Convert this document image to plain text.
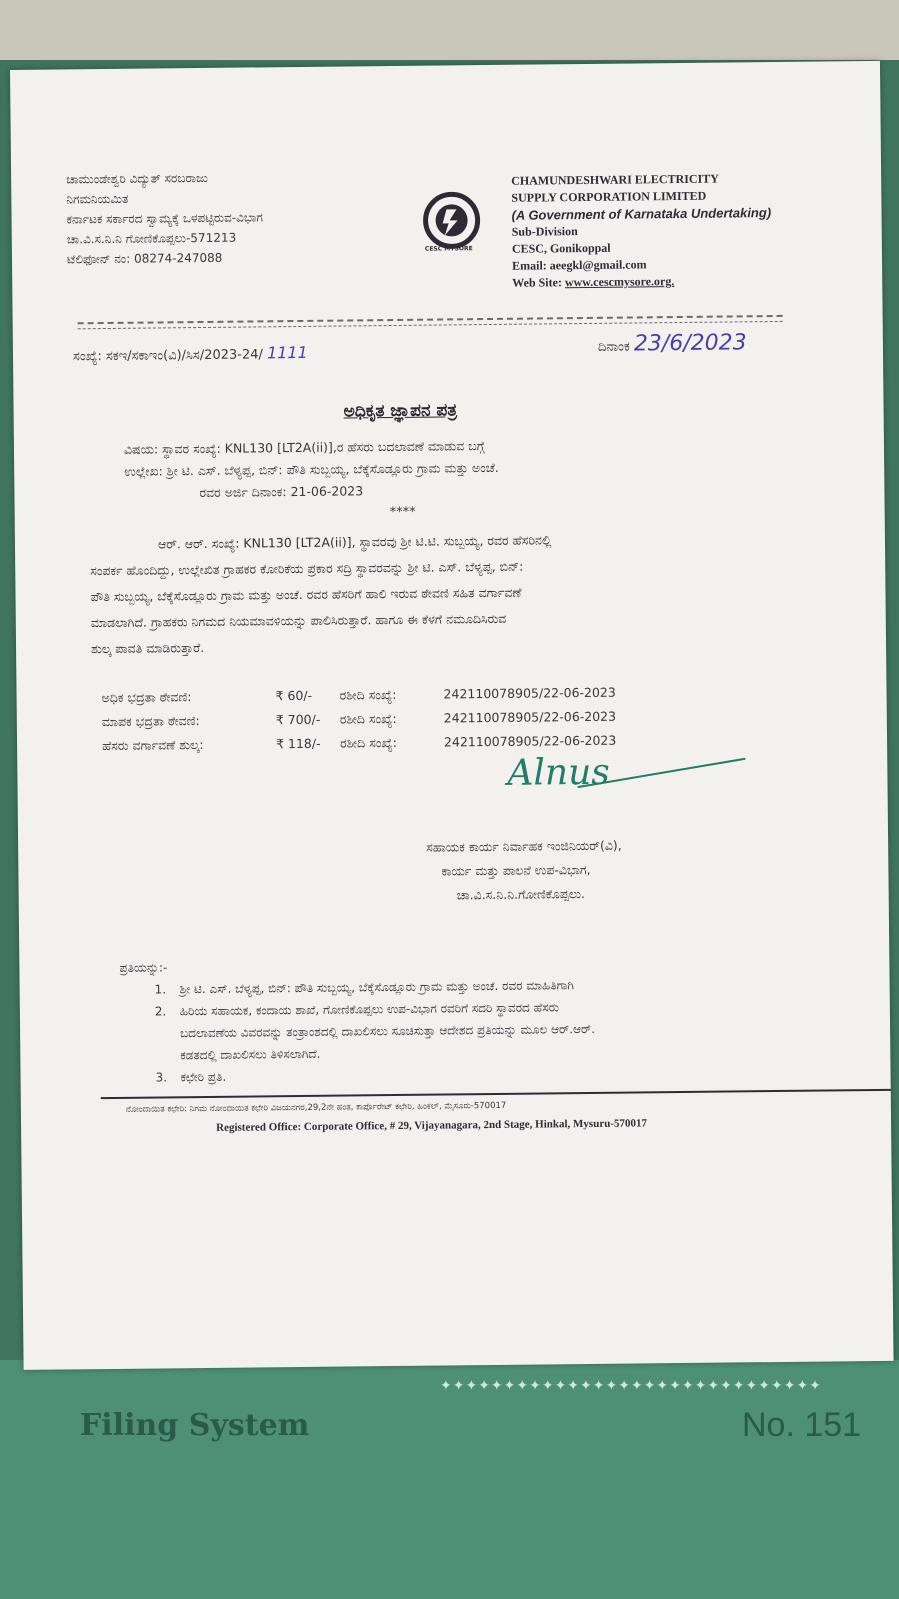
✦✦✦✦✦✦✦✦✦✦✦✦✦✦✦✦✦✦✦✦✦✦✦✦✦✦✦✦✦✦
Filing System	No. 151
ಚಾಮುಂಡೇಶ್ವರಿ ವಿದ್ಯುತ್ ಸರಬರಾಜು
ನಿಗಮನಿಯಮಿತ
ಕರ್ನಾಟಕ ಸರ್ಕಾರದ ಸ್ವಾಮ್ಯಕ್ಕೆ ಒಳಪಟ್ಟಿರುವ-ವಿಭಾಗ
ಚಾ.ವಿ.ಸ.ನಿ.ನಿ ಗೋಣಿಕೊಪ್ಪಲು-571213
ಟೆಲಿಫೋನ್ ನಂ: 08274-247088
CESC MYSORE
CHAMUNDESHWARI ELECTRICITY
SUPPLY CORPORATION LIMITED
(A Government of Karnataka Undertaking)
Sub-Division
CESC, Gonikoppal
Email: aeegkl@gmail.com
Web Site: www.cescmysore.org.
ಸಂಖ್ಯೆ: ಸಕಇ/ಸಕಾಇಂ(ವಿ)/ಸಿಸ/2023-24/ 1111	ದಿನಾಂಕ 23/6/2023
ಅಧಿಕೃತ ಜ್ಞಾಪನ ಪತ್ರ
ವಿಷಯ: ಸ್ಥಾವರ ಸಂಖ್ಯೆ: KNL130 [LT2A(ii)],ರ ಹೆಸರು ಬದಲಾವಣೆ ಮಾಡುವ ಬಗ್ಗೆ
ಉಲ್ಲೇಖ: ಶ್ರೀ ಟಿ. ಎಸ್. ಬೆಳ್ಯಪ್ಪ, ಬಿನ್: ಪೌತಿ ಸುಬ್ಬಯ್ಯ, ಬೆಕ್ಕೆಸೊಡ್ಲೂರು ಗ್ರಾಮ ಮತ್ತು ಅಂಚೆ.
ರವರ ಅರ್ಜಿ ದಿನಾಂಕ: 21-06-2023
****
ಆರ್. ಆರ್. ಸಂಖ್ಯೆ: KNL130 [LT2A(ii)], ಸ್ಥಾವರವು ಶ್ರೀ ಟಿ.ಟಿ. ಸುಬ್ಬಯ್ಯ, ರವರ ಹೆಸರಿನಲ್ಲಿ
ಸಂಪರ್ಕ ಹೊಂದಿದ್ದು, ಉಲ್ಲೇಖಿತ ಗ್ರಾಹಕರ ಕೋರಿಕೆಯ ಪ್ರಕಾರ ಸದ್ರಿ ಸ್ಥಾವರವನ್ನು ಶ್ರೀ ಟಿ. ಎಸ್. ಬೆಳ್ಯಪ್ಪ, ಬಿನ್:
ಪೌತಿ ಸುಬ್ಬಯ್ಯ, ಬೆಕ್ಕೆಸೊಡ್ಲೂರು ಗ್ರಾಮ ಮತ್ತು ಅಂಚೆ. ರವರ ಹೆಸರಿಗೆ ಹಾಲಿ ಇರುವ ಠೇವಣಿ ಸಹಿತ ವರ್ಗಾವಣೆ
ಮಾಡಲಾಗಿದೆ. ಗ್ರಾಹಕರು ನಿಗಮದ ನಿಯಮಾವಳಿಯನ್ನು ಪಾಲಿಸಿರುತ್ತಾರೆ. ಹಾಗೂ ಈ ಕೆಳಗೆ ನಮೂದಿಸಿರುವ
ಶುಲ್ಕ ಪಾವತಿ ಮಾಡಿರುತ್ತಾರೆ.
ಅಧಿಕ ಭದ್ರತಾ ಠೇವಣಿ:	₹ 60/- ರಶೀದಿ ಸಂಖ್ಯೆ:	242110078905/22-06-2023
ಮಾಪಕ ಭದ್ರತಾ ಠೇವಣಿ:	₹ 700/- ರಶೀದಿ ಸಂಖ್ಯೆ:	242110078905/22-06-2023
ಹೆಸರು ವರ್ಗಾವಣೆ ಶುಲ್ಕ:	₹ 118/- ರಶೀದಿ ಸಂಖ್ಯೆ:	242110078905/22-06-2023
Alnus
ಸಹಾಯಕ ಕಾರ್ಯ ನಿರ್ವಾಹಕ ಇಂಜಿನಿಯರ್(ವಿ),
ಕಾರ್ಯ ಮತ್ತು ಪಾಲನೆ ಉಪ-ವಿಭಾಗ,
ಚಾ.ವಿ.ಸ.ನಿ.ನಿ.ಗೋಣಿಕೊಪ್ಪಲು.
ಪ್ರತಿಯನ್ನು:-
1.	ಶ್ರೀ ಟಿ. ಎಸ್. ಬೆಳ್ಯಪ್ಪ, ಬಿನ್: ಪೌತಿ ಸುಬ್ಬಯ್ಯ, ಬೆಕ್ಕೆಸೊಡ್ಲೂರು ಗ್ರಾಮ ಮತ್ತು ಅಂಚೆ. ರವರ ಮಾಹಿತಿಗಾಗಿ
2.	ಹಿರಿಯ ಸಹಾಯಕ, ಕಂದಾಯ ಶಾಖೆ, ಗೋಣಿಕೊಪ್ಪಲು ಉಪ-ವಿಭಾಗ ರವರಿಗೆ ಸದರಿ ಸ್ಥಾವರದ ಹೆಸರು
ಬದಲಾವಣೆಯ ವಿವರವನ್ನು ತಂತ್ರಾಂಶದಲ್ಲಿ ದಾಖಲಿಸಲು ಸೂಚಿಸುತ್ತಾ ಆದೇಶದ ಪ್ರತಿಯನ್ನು ಮೂಲ ಆರ್.ಆರ್.
ಕಡತದಲ್ಲಿ ದಾಖಲಿಸಲು ತಿಳಿಸಲಾಗಿದೆ.
3.	ಕಛೇರಿ ಪ್ರತಿ.
ನೋಂದಾಯಿತ ಕಛೇರಿ: ನಿಗಮ ನೋಂದಾಯಿತ ಕಛೇರಿ ವಿಜಯನಗರ,29,2ನೇ ಹಂತ, ಕಾರ್ಪೊರೇಟ್ ಕಛೇರಿ, ಹಿಂಕಲ್, ಮೈಸೂರು-570017
Registered Office: Corporate Office, # 29, Vijayanagara, 2nd Stage, Hinkal, Mysuru-570017
